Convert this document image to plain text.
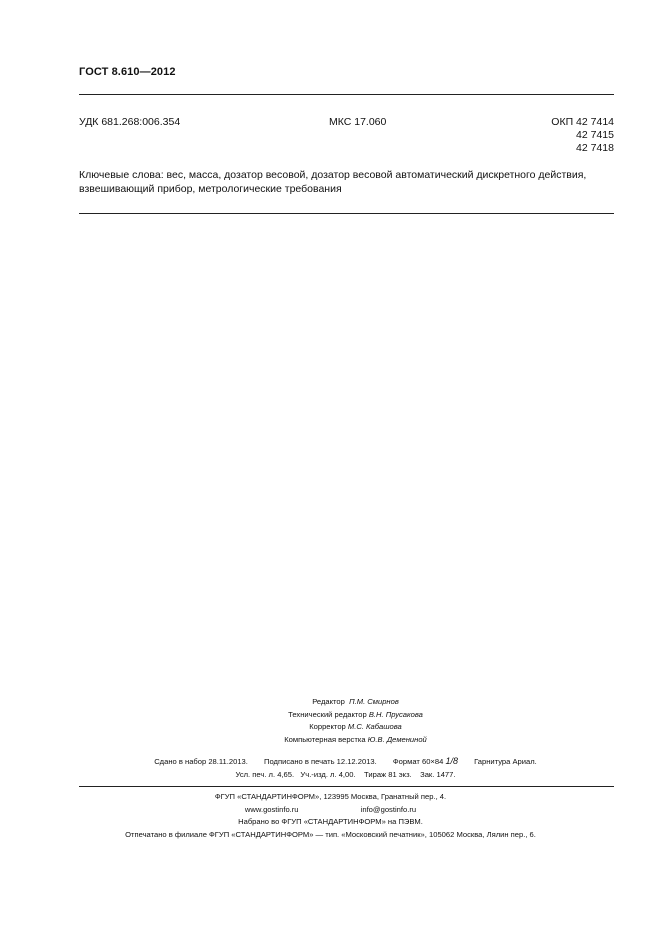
ГОСТ 8.610—2012
УДК 681.268:006.354	МКС 17.060	ОКП 42 7414
42 7415
42 7418
Ключевые слова: вес, масса, дозатор весовой, дозатор весовой автоматический дискретного действия, взвешивающий прибор, метрологические требования
Редактор П.М. Смирнов
Технический редактор В.Н. Прусакова
Корректор М.С. Кабашова
Компьютерная верстка Ю.В. Демениной
Сдано в набор 28.11.2013. Подписано в печать 12.12.2013. Формат 60×84 1/8 Гарнитура Ариал.
Усл. печ. л. 4,65. Уч.-изд. л. 4,00. Тираж 81 экз. Зак. 1477.
ФГУП «СТАНДАРТИНФОРМ», 123995 Москва, Гранатный пер., 4.
www.gostinfo.ru	info@gostinfo.ru
Набрано во ФГУП «СТАНДАРТИНФОРМ» на ПЭВМ.
Отпечатано в филиале ФГУП «СТАНДАРТИНФОРМ» — тип. «Московский печатник», 105062 Москва, Лялин пер., 6.
